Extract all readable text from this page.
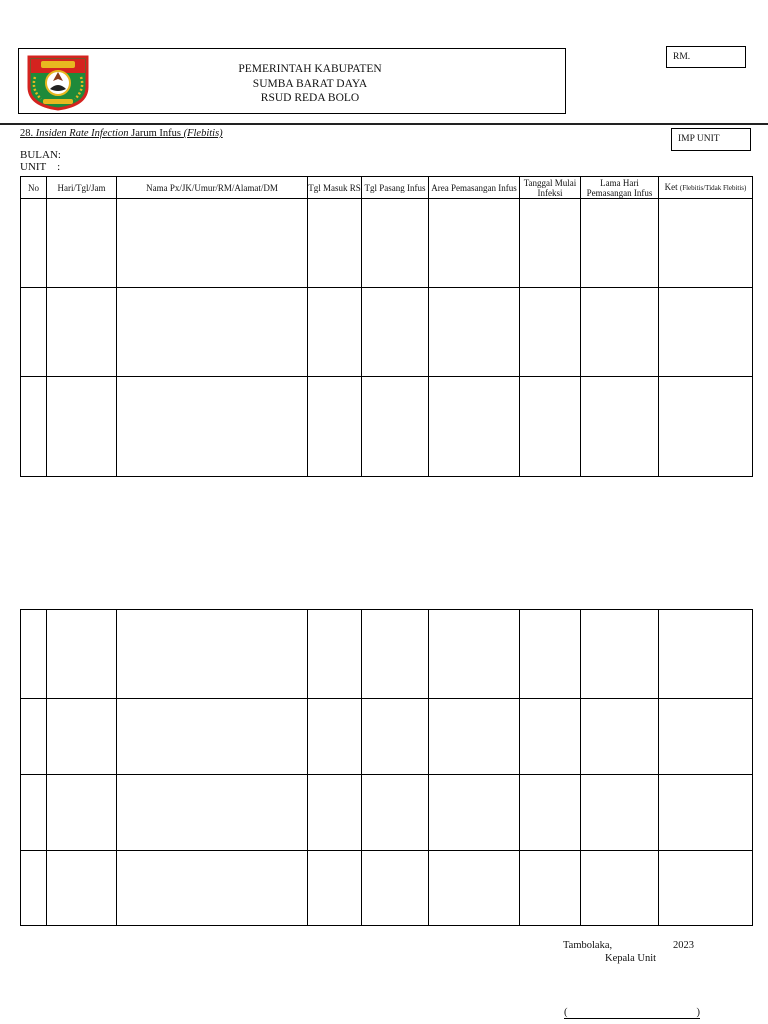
PEMERINTAH KABUPATEN
SUMBA BARAT DAYA
RSUD REDA BOLO
RM.
28. Insiden Rate Infection Jarum Infus (Flebitis)	IMP UNIT
BULAN:
UNIT    :
No	Hari/Tgl/Jam	Nama Px/JK/Umur/RM/Alamat/DM	Tgl Masuk RS	Tgl Pasang Infus	Area Pemasangan Infus	Tanggal Mulai Infeksi	Lama Hari Pemasangan Infus	Ket (Flebitis/Tidak Flebitis)

Tambolaka,	2023
Kepala Unit
(	)
